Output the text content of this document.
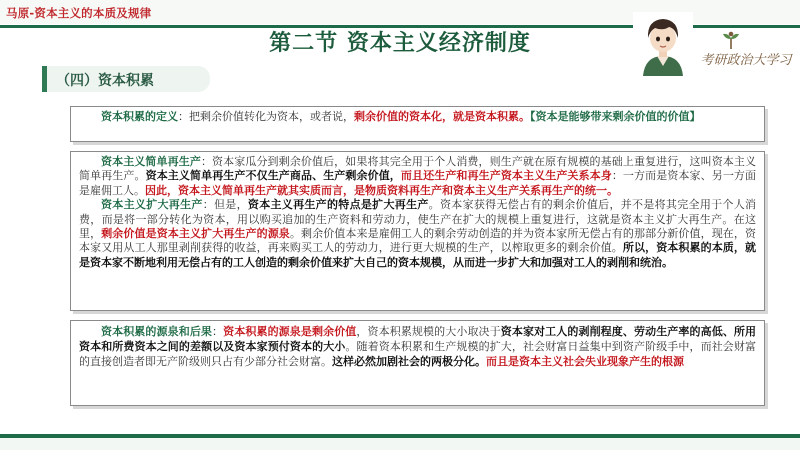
马原-资本主义的本质及规律
第二节 资本主义经济制度
考研政治大学习
（四）资本积累
资本积累的定义：把剩余价值转化为资本，或者说，剩余价值的资本化，就是资本积累。【资本是能够带来剩余价值的价值】
资本主义简单再生产：资本家瓜分到剩余价值后，如果将其完全用于个人消费，则生产就在原有规模的基础上重复进行，这叫资本主义简单再生产。资本主义简单再生产不仅生产商品、生产剩余价值，而且还生产和再生产资本主义生产关系本身：一方而是资本家、另一方面是雇佣工人。因此，资本主义简单再生产就其实质而言，是物质资料再生产和资本主义生产关系再生产的统一。
资本主义扩大再生产：但是，资本主义再生产的特点是扩大再生产。资本家获得无偿占有的剩余价值后，并不是将其完全用于个人消费，而是将一部分转化为资本，用以购买追加的生产资料和劳动力，使生产在扩大的规模上重复进行，这就是资本主义扩大再生产。在这里，剩余价值是资本主义扩大再生产的源泉。剩余价值本来是雇佣工人的剩余劳动创造的并为资本家所无偿占有的那部分新价值，现在，资本家又用从工人那里剥削获得的收益，再来购买工人的劳动力，进行更大规模的生产，以榨取更多的剩余价值。所以，资本积累的本质，就是资本家不断地利用无偿占有的工人创造的剩余价值来扩大自己的资本规模，从而进一步扩大和加强对工人的剥削和统治。
资本积累的源泉和后果：资本积累的源泉是剩余价值，资本积累规模的大小取决于资本家对工人的剥削程度、劳动生产率的高低、所用资本和所费资本之间的差额以及资本家预付资本的大小。随着资本积累和生产规模的扩大，社会财富日益集中到资产阶级手中，而社会财富的直接创造者即无产阶级则只占有少部分社会财富。这样必然加剧社会的两极分化。而且是资本主义社会失业现象产生的根源
